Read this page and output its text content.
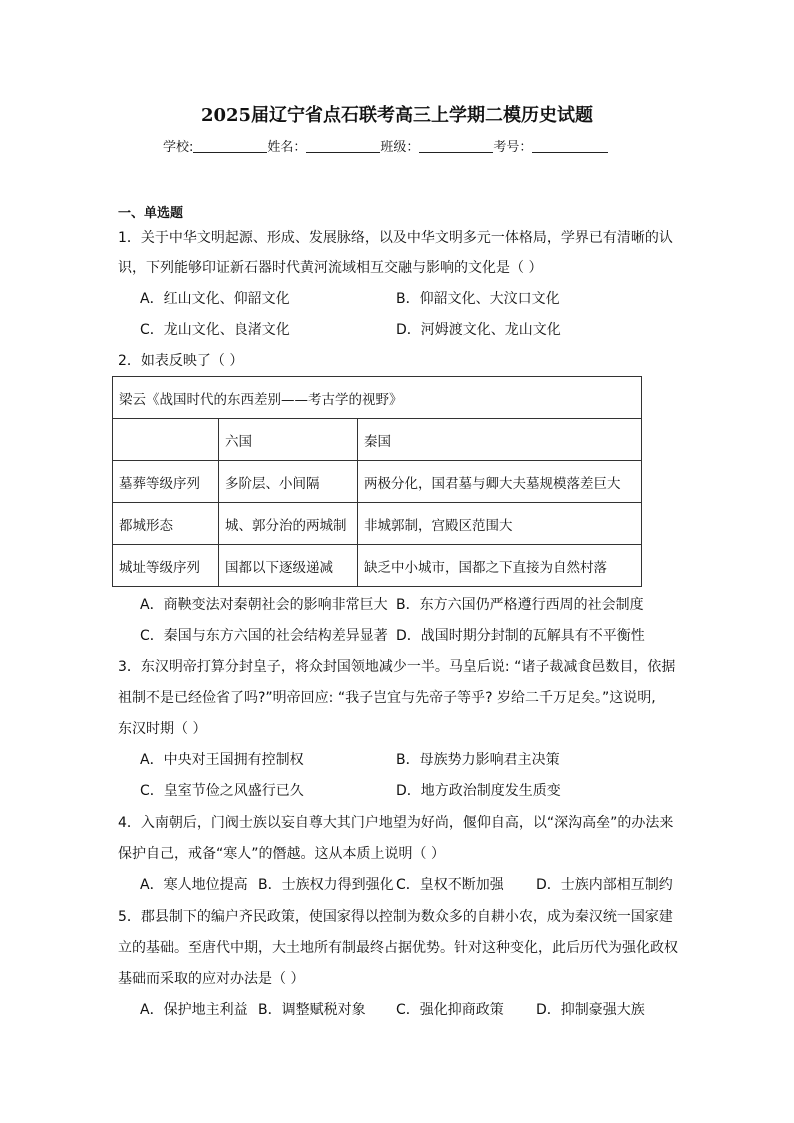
2025届辽宁省点石联考高三上学期二模历史试题
学校:	姓名：	班级：	考号：
一、单选题
1．关于中华文明起源、形成、发展脉络，以及中华文明多元一体格局，学界已有清晰的认
识，下列能够印证新石器时代黄河流域相互交融与影响的文化是（ ）
A．红山文化、仰韶文化	B．仰韶文化、大汶口文化
C．龙山文化、良渚文化	D．河姆渡文化、龙山文化
2．如表反映了（ ）
梁云《战国时代的东西差别——考古学的视野》		
	六国	秦国
墓葬等级序列	多阶层、小间隔	两极分化，国君墓与卿大夫墓规模落差巨大
都城形态	城、郭分治的两城制	非城郭制，宫殿区范围大
城址等级序列	国都以下逐级递减	缺乏中小城市，国都之下直接为自然村落
A．商鞅变法对秦朝社会的影响非常巨大 B．东方六国仍严格遵行西周的社会制度
C．秦国与东方六国的社会结构差异显著 D．战国时期分封制的瓦解具有不平衡性
3．东汉明帝打算分封皇子，将众封国领地减少一半。马皇后说: “诸子裁减食邑数目，依据
祖制不是已经俭省了吗?”明帝回应: “我子岂宜与先帝子等乎? 岁给二千万足矣。”这说明,
东汉时期（ ）
A．中央对王国拥有控制权	B．母族势力影响君主决策
C．皇室节俭之风盛行已久	D．地方政治制度发生质变
4．入南朝后，门阀士族以妄自尊大其门户地望为好尚，偃仰自高，以“深沟高垒”的办法来
保护自己，戒备“寒人”的僭越。这从本质上说明（ ）
A．寒人地位提高 B．士族权力得到强化 C．皇权不断加强 D．士族内部相互制约
5．郡县制下的编户齐民政策，使国家得以控制为数众多的自耕小农，成为秦汉统一国家建
立的基础。至唐代中期，大土地所有制最终占据优势。针对这种变化，此后历代为强化政权
基础而采取的应对办法是（ ）
A．保护地主利益 B．调整赋税对象 C．强化抑商政策 D．抑制豪强大族
